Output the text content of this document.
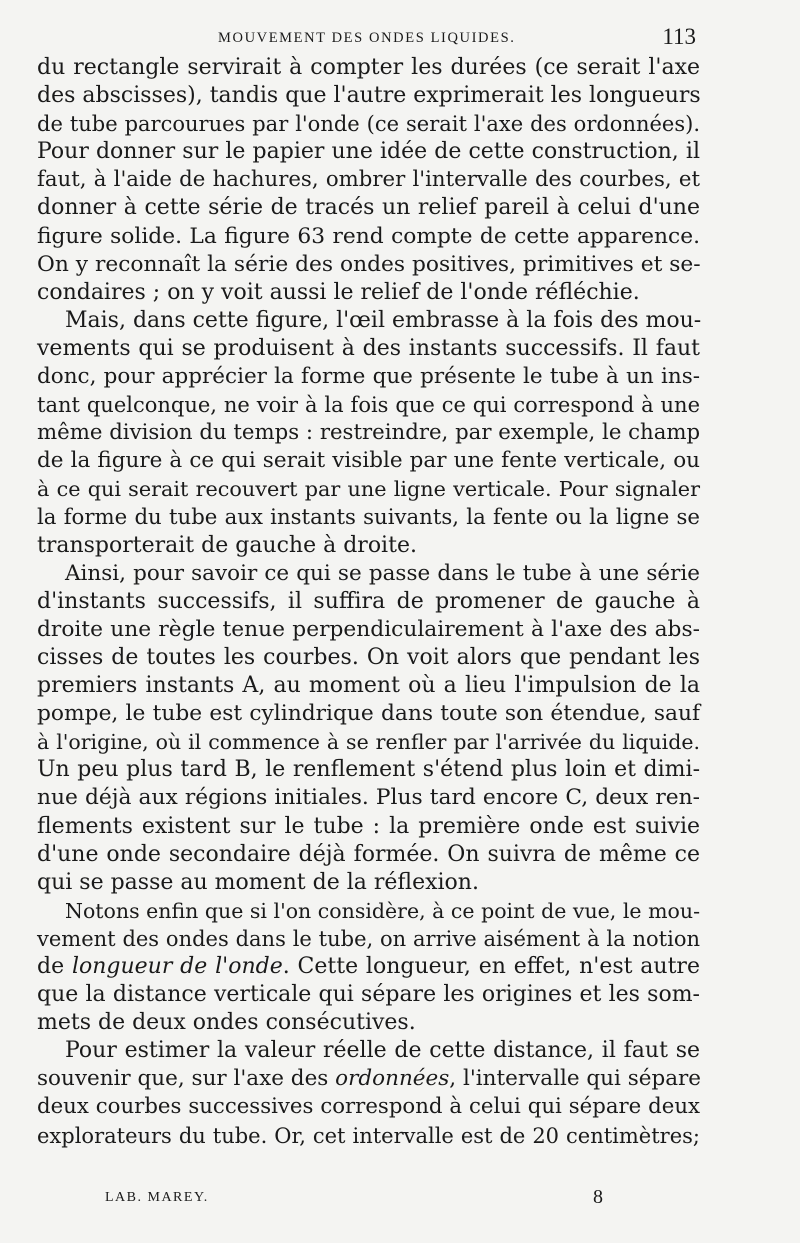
MOUVEMENT DES ONDES LIQUIDES.	113
du rectangle servirait à compter les durées (ce serait l'axe
des abscisses), tandis que l'autre exprimerait les longueurs
de tube parcourues par l'onde (ce serait l'axe des ordonnées).
Pour donner sur le papier une idée de cette construction, il
faut, à l'aide de hachures, ombrer l'intervalle des courbes, et
donner à cette série de tracés un relief pareil à celui d'une
figure solide. La figure 63 rend compte de cette apparence.
On y reconnaît la série des ondes positives, primitives et se-
condaires ; on y voit aussi le relief de l'onde réfléchie.
Mais, dans cette figure, l'œil embrasse à la fois des mou-
vements qui se produisent à des instants successifs. Il faut
donc, pour apprécier la forme que présente le tube à un ins-
tant quelconque, ne voir à la fois que ce qui correspond à une
même division du temps : restreindre, par exemple, le champ
de la figure à ce qui serait visible par une fente verticale, ou
à ce qui serait recouvert par une ligne verticale. Pour signaler
la forme du tube aux instants suivants, la fente ou la ligne se
transporterait de gauche à droite.
Ainsi, pour savoir ce qui se passe dans le tube à une série
d'instants successifs, il suffira de promener de gauche à
droite une règle tenue perpendiculairement à l'axe des abs-
cisses de toutes les courbes. On voit alors que pendant les
premiers instants A, au moment où a lieu l'impulsion de la
pompe, le tube est cylindrique dans toute son étendue, sauf
à l'origine, où il commence à se renfler par l'arrivée du liquide.
Un peu plus tard B, le renflement s'étend plus loin et dimi-
nue déjà aux régions initiales. Plus tard encore C, deux ren-
flements existent sur le tube : la première onde est suivie
d'une onde secondaire déjà formée. On suivra de même ce
qui se passe au moment de la réflexion.
Notons enfin que si l'on considère, à ce point de vue, le mou-
vement des ondes dans le tube, on arrive aisément à la notion
de longueur de l'onde. Cette longueur, en effet, n'est autre
que la distance verticale qui sépare les origines et les som-
mets de deux ondes consécutives.
Pour estimer la valeur réelle de cette distance, il faut se
souvenir que, sur l'axe des ordonnées, l'intervalle qui sépare
deux courbes successives correspond à celui qui sépare deux
explorateurs du tube. Or, cet intervalle est de 20 centimètres;
LAB. MAREY.	8
